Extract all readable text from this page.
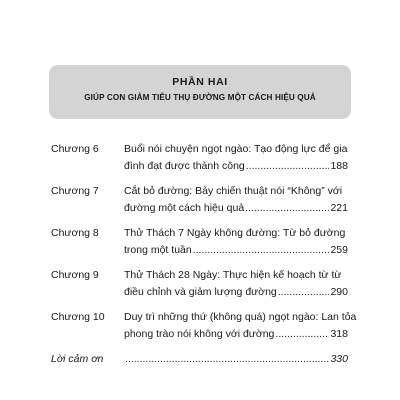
PHẦN HAI
GIÚP CON GIẢM TIÊU THỤ ĐƯỜNG MỘT CÁCH HIỆU QUẢ
Chương 6 Buổi nói chuyện ngọt ngào: Tạo động lực để gia
đình đạt được thành công .....	188
Chương 7 Cắt bỏ đường: Bảy chiến thuật nói “Không” với
đường một cách hiệu quả .....	221
Chương 8 Thử Thách 7 Ngày không đường: Từ bỏ đường
trong một tuần .....	259
Chương 9 Thử Thách 28 Ngày: Thực hiện kế hoạch từ từ
điều chỉnh và giảm lượng đường .....	290
Chương 10 Duy trì những thứ (không quá) ngọt ngào: Lan tỏa
phong trào nói không với đường .....	318
Lời cảm ơn .....	330
